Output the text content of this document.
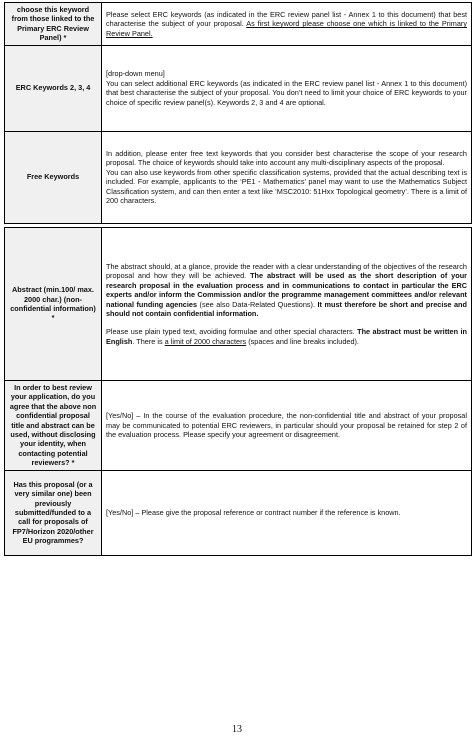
choose this keyword from those linked to the Primary ERC Review Panel) *	Please select ERC keywords (as indicated in the ERC review panel list - Annex 1 to this document) that best characterise the subject of your proposal. As first keyword please choose one which is linked to the Primary Review Panel.
ERC Keywords 2, 3, 4	[drop-down menu]

You can select additional ERC keywords (as indicated in the ERC review panel list - Annex 1 to this document) that best characterise the subject of your proposal. You don’t need to limit your choice of ERC keywords to your choice of specific review panel(s). Keywords 2, 3 and 4 are optional.

Free Keywords	In addition, please enter free text keywords that you consider best characterise the scope of your research proposal. The choice of keywords should take into account any multi-disciplinary aspects of the proposal.

You can also use keywords from other specific classification systems, provided that the actual describing text is included. For example, applicants to the ‘PE1 - Mathematics’ panel may want to use the Mathematics Subject Classification system, and can then enter a text like ‘MSC2010: 51Hxx Topological geometry’. There is a limit of 200 characters.

Abstract (min.100/ max. 2000 char.) (non-confidential information) *	The abstract should, at a glance, provide the reader with a clear understanding of the objectives of the research proposal and how they will be achieved. The abstract will be used as the short description of your research proposal in the evaluation process and in communications to contact in particular the ERC experts and/or inform the Commission and/or the programme management committees and/or relevant national funding agencies (see also Data-Related Questions). It must therefore be short and precise and should not contain confidential information.

Please use plain typed text, avoiding formulae and other special characters. The abstract must be written in English. There is a limit of 2000 characters (spaces and line breaks included).

In order to best review your application, do you agree that the above non confidential proposal title and abstract can be used, without disclosing your identity, when contacting potential reviewers? *	[Yes/No] – In the course of the evaluation procedure, the non-confidential title and abstract of your proposal may be communicated to potential ERC reviewers, in particular should your proposal be retained for step 2 of the evaluation process. Please specify your agreement or disagreement.
Has this proposal (or a very similar one) been previously submitted/funded to a call for proposals of FP7/Horizon 2020/other EU programmes?	[Yes/No] – Please give the proposal reference or contract number if the reference is known.
13
